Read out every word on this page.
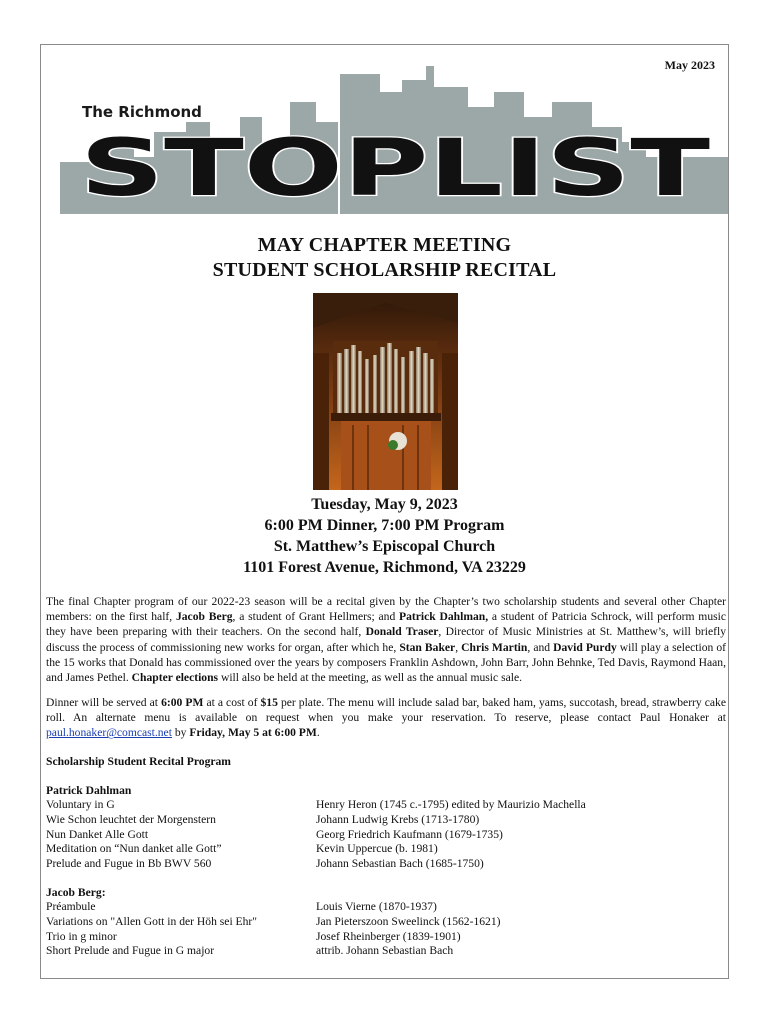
May 2023
The Richmond
STOPLIST
MAY CHAPTER MEETING
STUDENT SCHOLARSHIP RECITAL
Tuesday, May 9, 2023
6:00 PM Dinner, 7:00 PM Program
St. Matthew’s Episcopal Church
1101 Forest Avenue, Richmond, VA 23229
The final Chapter program of our 2022-23 season will be a recital given by the Chapter’s two scholarship students and several other Chapter members: on the first half, Jacob Berg, a student of Grant Hellmers; and Patrick Dahlman, a student of Patricia Schrock, will perform music they have been preparing with their teachers. On the second half, Donald Traser, Director of Music Ministries at St. Matthew’s, will briefly discuss the process of commissioning new works for organ, after which he, Stan Baker, Chris Martin, and David Purdy will play a selection of the 15 works that Donald has commissioned over the years by composers Franklin Ashdown, John Barr, John Behnke, Ted Davis, Raymond Haan, and James Pethel. Chapter elections will also be held at the meeting, as well as the annual music sale.
Dinner will be served at 6:00 PM at a cost of $15 per plate. The menu will include salad bar, baked ham, yams, succotash, bread, strawberry cake roll. An alternate menu is available on request when you make your reservation. To reserve, please contact Paul Honaker at paul.honaker@comcast.net by Friday, May 5 at 6:00 PM.
Scholarship Student Recital Program
Patrick Dahlman
Voluntary in G	Henry Heron (1745 c.-1795) edited by Maurizio Machella
Wie Schon leuchtet der Morgenstern	Johann Ludwig Krebs (1713-1780)
Nun Danket Alle Gott	Georg Friedrich Kaufmann (1679-1735)
Meditation on “Nun danket alle Gott”	Kevin Uppercue (b. 1981)
Prelude and Fugue in Bb BWV 560	Johann Sebastian Bach (1685-1750)
Jacob Berg:
Préambule	Louis Vierne (1870-1937)
Variations on "Allen Gott in der Höh sei Ehr"	Jan Pieterszoon Sweelinck (1562-1621)
Trio in g minor	Josef Rheinberger (1839-1901)
Short Prelude and Fugue in G major	attrib. Johann Sebastian Bach
